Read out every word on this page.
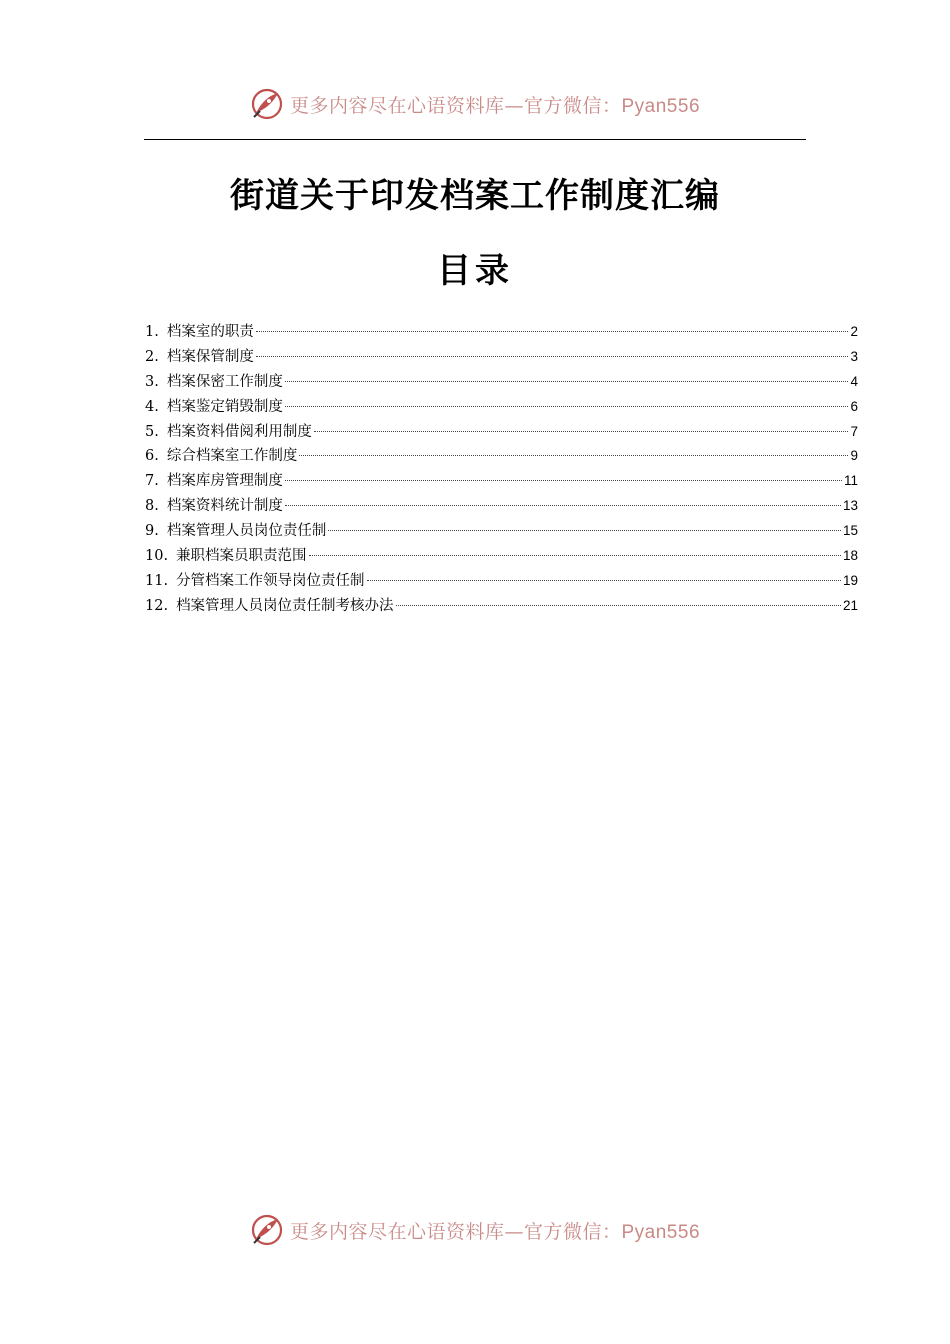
更多内容尽在心语资料库—官方微信：Pyan556
街道关于印发档案工作制度汇编
目录
1. 档案室的职责	2
2. 档案保管制度	3
3. 档案保密工作制度	4
4. 档案鉴定销毁制度	6
5. 档案资料借阅利用制度	7
6. 综合档案室工作制度	9
7. 档案库房管理制度	11
8. 档案资料统计制度	13
9. 档案管理人员岗位责任制	15
10. 兼职档案员职责范围	18
11. 分管档案工作领导岗位责任制	19
12. 档案管理人员岗位责任制考核办法	21
更多内容尽在心语资料库—官方微信：Pyan556
